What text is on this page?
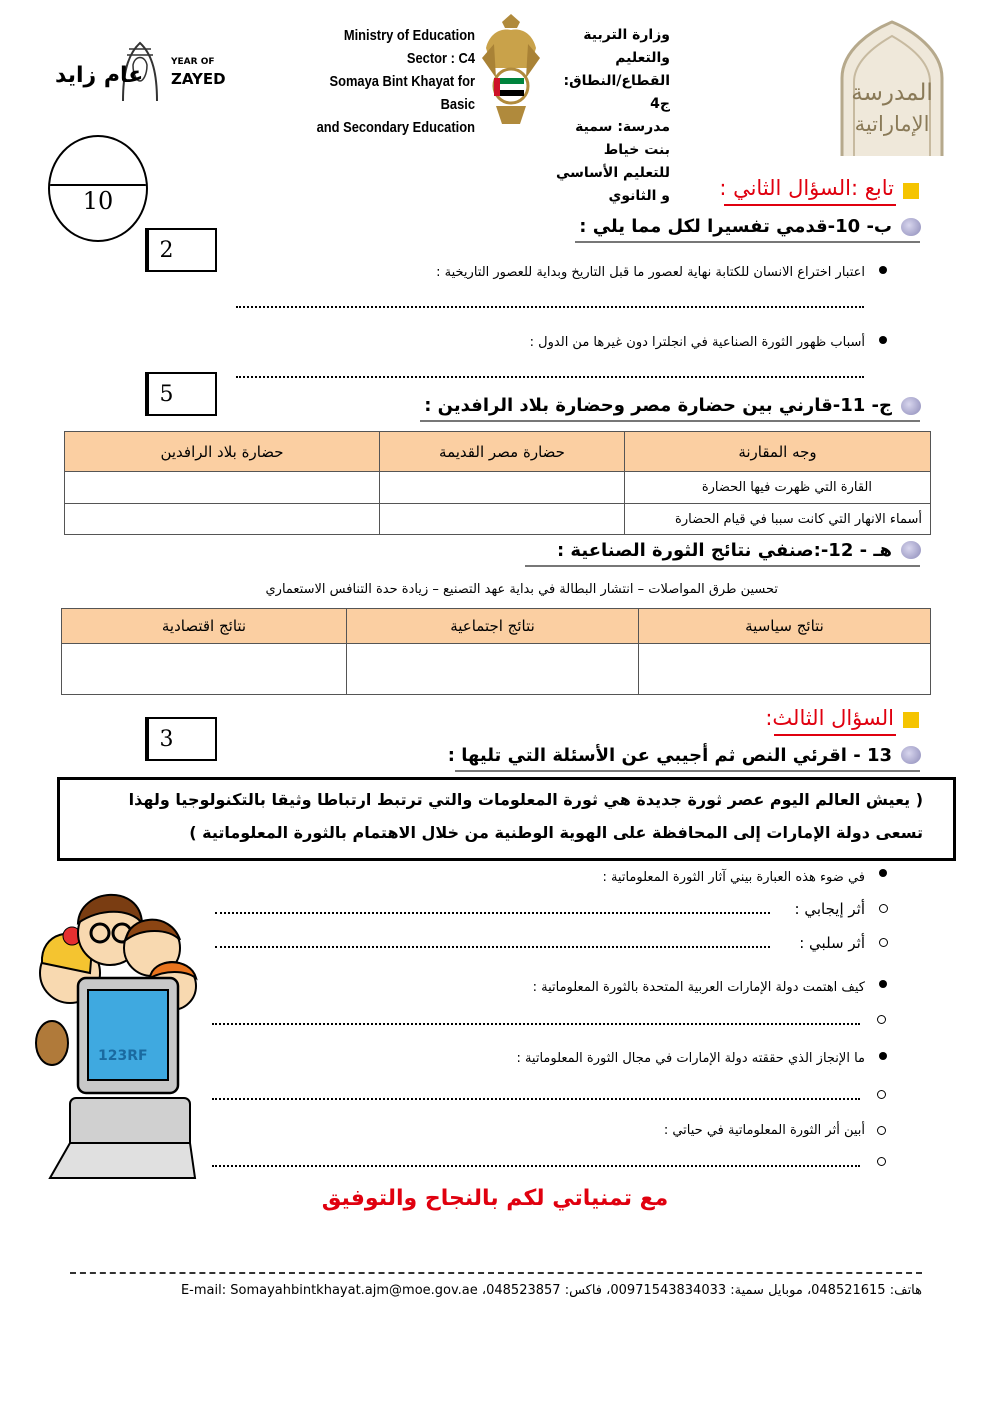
عام زايد
YEAR OF
ZAYED
Ministry of Education
Sector : C4
Somaya Bint Khayat for Basic
and Secondary Education
وزارة التربية والتعليم
القطاع/النطاق: ج4
مدرسة: سمية بنت خياط
للتعليم الأساسي و الثانوي
المدرسة
الإماراتية
10	تابع :السؤال الثاني :
ب- 10-قدمي تفسيرا لكل مما يلي :
2
اعتبار اختراع الانسان للكتابة نهاية لعصور ما قبل التاريخ وبداية للعصور التاريخية :
أسباب ظهور الثورة الصناعية في انجلترا دون غيرها من الدول :
ج- 11-قارني بين حضارة مصر وحضارة بلاد الرافدين :
5
وجه المقارنة	حضارة مصر القديمة	حضارة بلاد الرافدين
القارة التي ظهرت فيها الحضارة		
أسماء الانهار التي كانت سببا في قيام الحضارة		
هـ - 12-:صنفي نتائج الثورة الصناعية :
تحسين طرق المواصلات – انتشار البطالة في بداية عهد التصنيع – زيادة حدة التنافس الاستعماري
نتائج سياسية	نتائج اجتماعية	نتائج اقتصادية

السؤال الثالث:
13 - اقرئي النص ثم أجيبي عن الأسئلة التي تليها :
3
( يعيش العالم اليوم عصر ثورة جديدة هي ثورة المعلومات والتي ترتبط ارتباطا وثيقا بالتكنولوجيا ولهذا
تسعى دولة الإمارات إلى المحافظة على الهوية الوطنية من خلال الاهتمام بالثورة المعلوماتية )
123RF
في ضوء هذه العبارة بيني آثار الثورة المعلوماتية :
أثر إيجابي :
أثر سلبي :
كيف اهتمت دولة الإمارات العربية المتحدة بالثورة المعلوماتية :
ما الإنجاز الذي حققته دولة الإمارات في مجال الثورة المعلوماتية :
أبين أثر الثورة المعلوماتية في حياتي :
مع تمنياتي لكم بالنجاح والتوفيق
هاتف: 048521615، موبايل سمية: 00971543834033، فاكس: 048523857، E-mail: Somayahbintkhayat.ajm@moe.gov.ae
